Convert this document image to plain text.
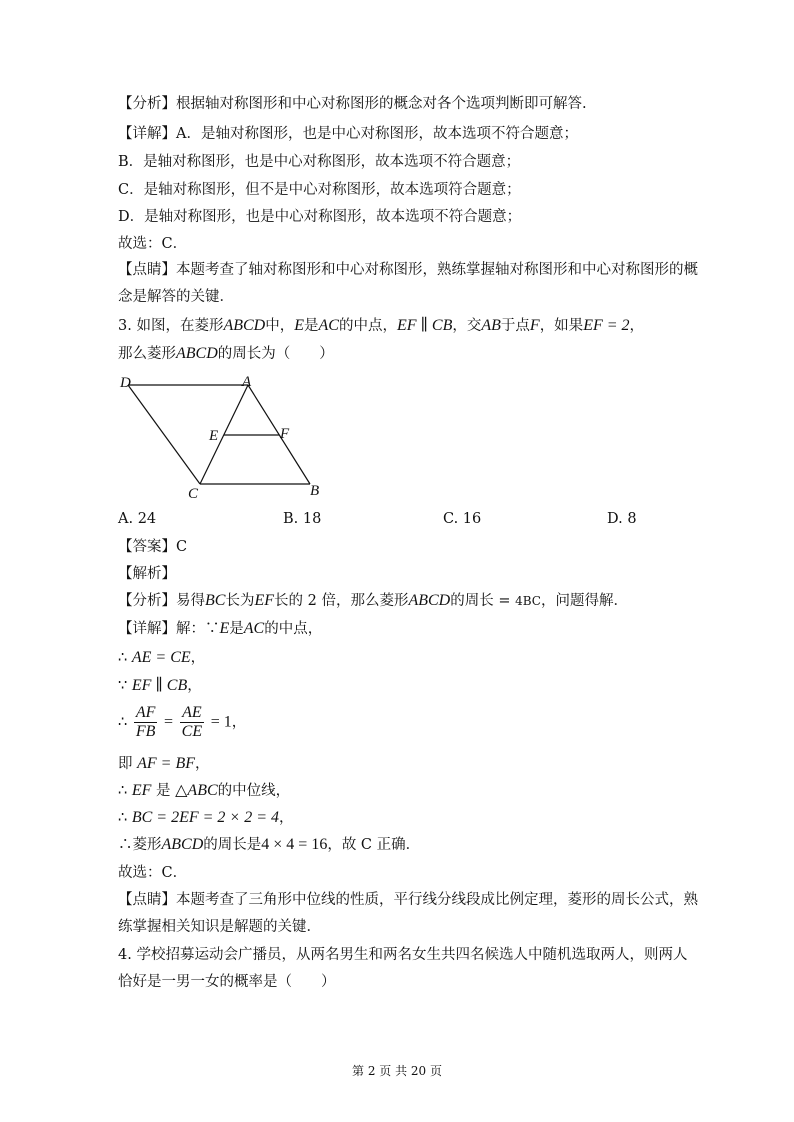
【分析】根据轴对称图形和中心对称图形的概念对各个选项判断即可解答.
【详解】A．是轴对称图形，也是中心对称图形，故本选项不符合题意；
B．是轴对称图形，也是中心对称图形，故本选项不符合题意；
C．是轴对称图形，但不是中心对称图形，故本选项符合题意；
D．是轴对称图形，也是中心对称图形，故本选项不符合题意；
故选：C．
【点睛】本题考查了轴对称图形和中心对称图形，熟练掌握轴对称图形和中心对称图形的概
念是解答的关键．
3. 如图，在菱形ABCD中，E是AC的中点，EF ∥ CB，交AB于点F，如果EF = 2，
那么菱形ABCD的周长为（　　）
D	A
E	F
C	B
A. 24	B. 18	C. 16	D. 8
【答案】C
【解析】
【分析】易得BC长为EF长的 2 倍，那么菱形ABCD的周长 = 4BC，问题得解．
【详解】解：∵E是AC的中点，
∴ AE = CE，
∵ EF ∥ CB，
∴ $\frac{AF}{FB} = \frac{AE}{CE} = 1$，
即 AF = BF，
∴ EF 是 △ABC的中位线，
∴ BC = 2EF = 2 × 2 = 4，
∴菱形ABCD的周长是4 × 4 = 16，故 C 正确．
故选：C．
【点睛】本题考查了三角形中位线的性质，平行线分线段成比例定理，菱形的周长公式，熟
练掌握相关知识是解题的关键．
4. 学校招募运动会广播员，从两名男生和两名女生共四名候选人中随机选取两人，则两人
恰好是一男一女的概率是（　　）
第 2 页 共 20 页
